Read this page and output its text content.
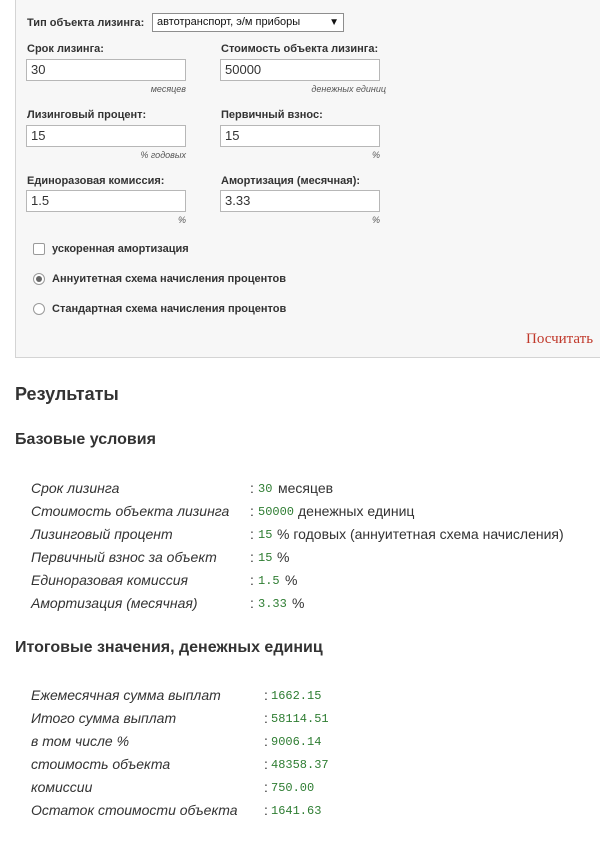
Тип объекта лизинга:	автотранспорт, э/м приборы	▼
Срок лизинга:
30
месяцев
Стоимость объекта лизинга:
50000
денежных единиц
Лизинговый процент:
15
% годовых
Первичный взнос:
15
%
Единоразовая комиссия:
1.5
%
Амортизация (месячная):
3.33
%
ускоренная амортизация
Аннуитетная схема начисления процентов
Стандартная схема начисления процентов
Посчитать
Результаты
Базовые условия
Срок лизинга	: 30 месяцев
Стоимость объекта лизинга : 50000 денежных единиц
Лизинговый процент	: 15 % годовых (аннуитетная схема начисления)
Первичный взнос за объект : 15 %
Единоразовая комиссия	: 1.5 %
Амортизация (месячная)	: 3.33 %
Итоговые значения, денежных единиц
Ежемесячная сумма выплат	: 1662.15
Итого сумма выплат	: 58114.51
в том числе %	: 9006.14
стоимость объекта	: 48358.37
комиссии	: 750.00
Остаток стоимости объекта : 1641.63
